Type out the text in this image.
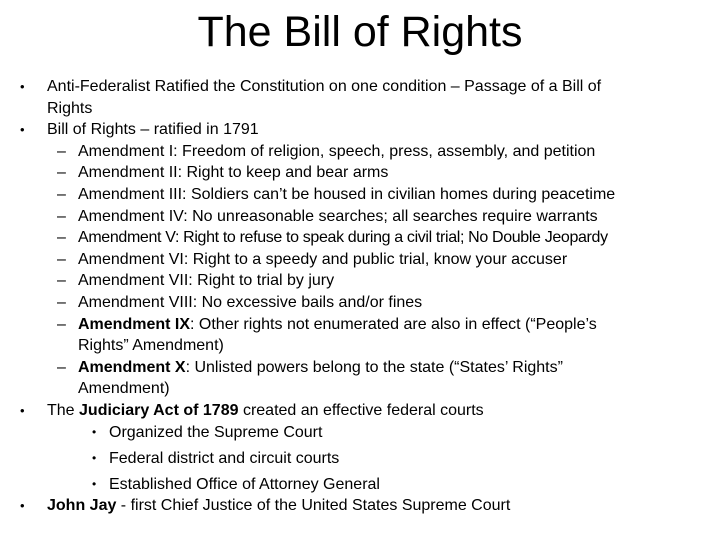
The Bill of Rights
• Anti-Federalist Ratified the Constitution on one condition – Passage of a Bill of
Rights
• Bill of Rights – ratified in 1791
– Amendment I: Freedom of religion, speech, press, assembly, and petition
– Amendment II: Right to keep and bear arms
– Amendment III: Soldiers can’t be housed in civilian homes during peacetime
– Amendment IV: No unreasonable searches; all searches require warrants
– Amendment V: Right to refuse to speak during a civil trial; No Double Jeopardy
– Amendment VI: Right to a speedy and public trial, know your accuser
– Amendment VII: Right to trial by jury
– Amendment VIII: No excessive bails and/or fines
– Amendment IX: Other rights not enumerated are also in effect (“People’s
Rights” Amendment)
– Amendment X: Unlisted powers belong to the state (“States’ Rights”
Amendment)
• The Judiciary Act of 1789 created an effective federal courts
• Organized the Supreme Court
• Federal district and circuit courts
• Established Office of Attorney General
• John Jay - first Chief Justice of the United States Supreme Court
